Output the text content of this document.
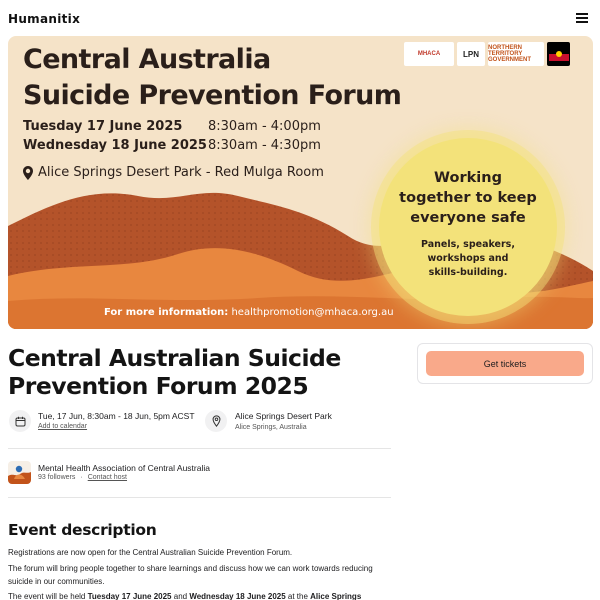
Humanitix
Central Australia
Suicide Prevention Forum
Tuesday 17 June 2025	8:30am - 4:00pm
Wednesday 18 June 2025 8:30am - 4:30pm
Alice Springs Desert Park - Red Mulga Room	Working
together to keep
everyone safe
Panels, speakers,
workshops and
skills-building.
MHACA	LPN
NORTHERN TERRITORY GOVERNMENT
For more information: healthpromotion@mhaca.org.au
Central Australian Suicide Prevention Forum 2025
Get tickets
Tue, 17 Jun, 8:30am - 18 Jun, 5pm ACST
Add to calendar
Alice Springs Desert Park
Alice Springs, Australia
Mental Health Association of Central Australia
93 followers · Contact host
Event description
Registrations are now open for the Central Australian Suicide Prevention Forum.
The forum will bring people together to share learnings and discuss how we can work towards reducing suicide in our communities.
The event will be held Tuesday 17 June 2025 and Wednesday 18 June 2025 at the Alice Springs
